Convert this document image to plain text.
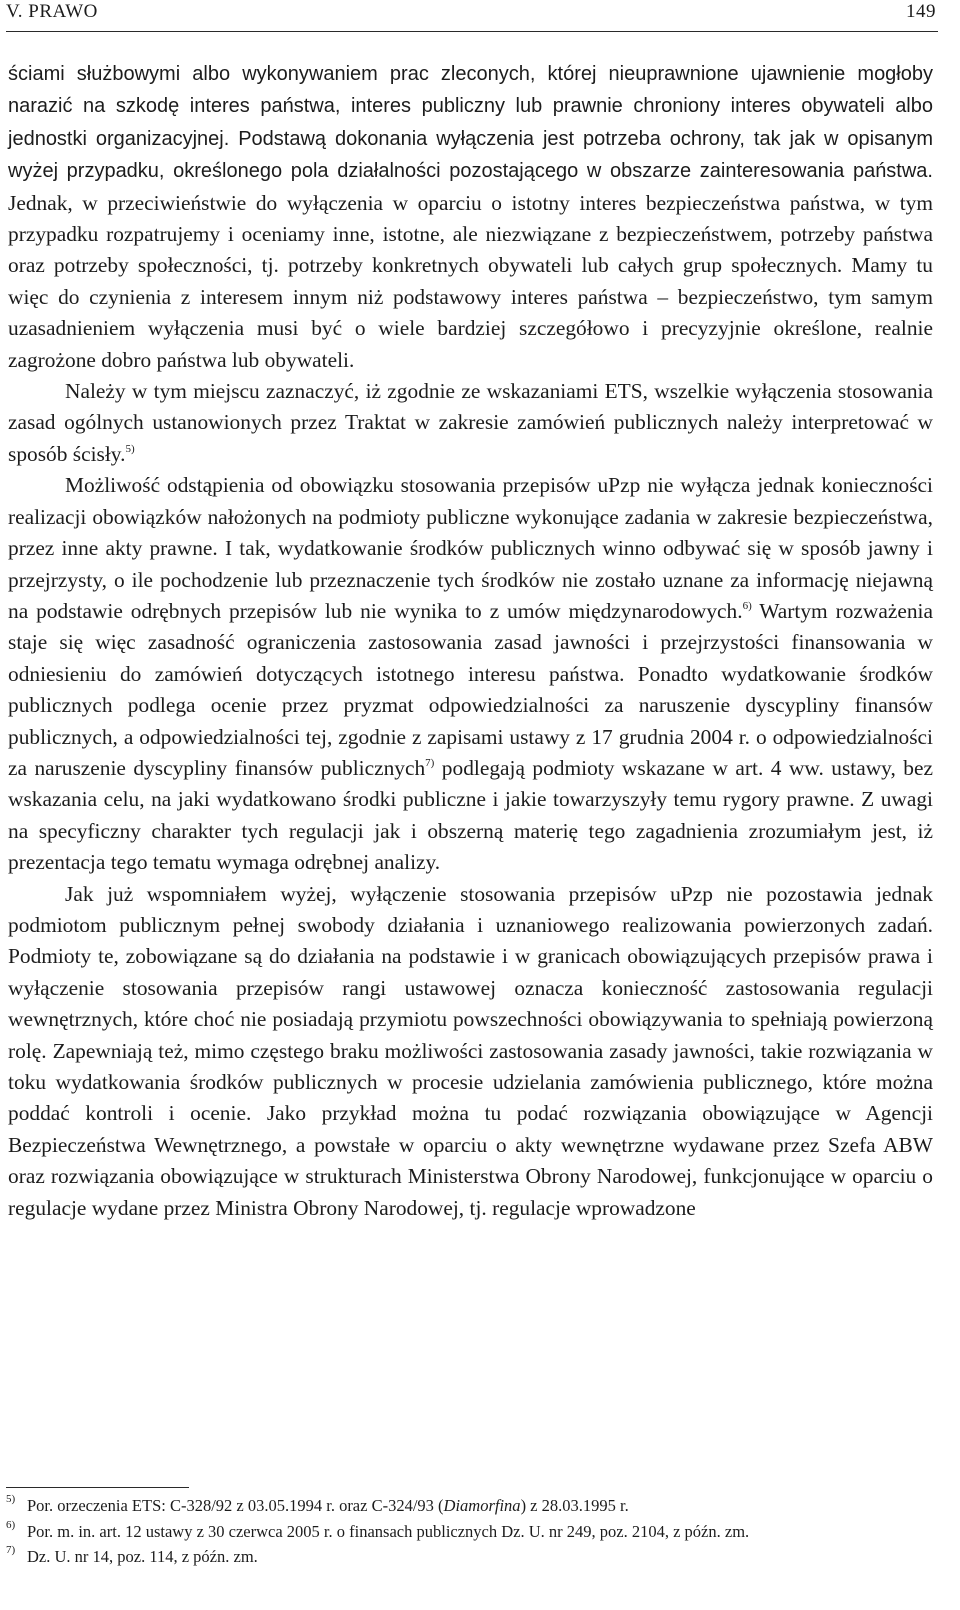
V. PRAWO	149

ściami służbowymi albo wykonywaniem prac zleconych, której nieuprawnione ujawnienie mogłoby narazić na szkodę interes państwa, interes publiczny lub prawnie chroniony interes obywateli albo jednostki organizacyjnej. Podstawą dokonania wyłączenia jest potrzeba ochrony, tak jak w opisanym wyżej przypadku, określonego pola działalności pozostającego w obszarze zainteresowania państwa. Jednak, w przeciwieństwie do wyłączenia w oparciu o istotny interes bezpieczeństwa państwa, w tym przypadku rozpatrujemy i oceniamy inne, istotne, ale niezwiązane z bezpieczeństwem, potrzeby państwa oraz potrzeby społeczności, tj. potrzeby konkretnych obywateli lub całych grup społecznych. Mamy tu więc do czynienia z interesem innym niż podstawowy interes państwa – bezpieczeństwo, tym samym uzasadnieniem wyłączenia musi być o wiele bardziej szczegółowo i precyzyjnie określone, realnie zagrożone dobro państwa lub obywateli.

Należy w tym miejscu zaznaczyć, iż zgodnie ze wskazaniami ETS, wszelkie wyłączenia stosowania zasad ogólnych ustanowionych przez Traktat w zakresie zamówień publicznych należy interpretować w sposób ścisły.$^{5)}$

Możliwość odstąpienia od obowiązku stosowania przepisów uPzp nie wyłącza jednak konieczności realizacji obowiązków nałożonych na podmioty publiczne wykonujące zadania w zakresie bezpieczeństwa, przez inne akty prawne. I tak, wydatkowanie środków publicznych winno odbywać się w sposób jawny i przejrzysty, o ile pochodzenie lub przeznaczenie tych środków nie zostało uznane za informację niejawną na podstawie odrębnych przepisów lub nie wynika to z umów międzynarodowych.$^{6)}$ Wartym rozważenia staje się więc zasadność ograniczenia zastosowania zasad jawności i przejrzystości finansowania w odniesieniu do zamówień dotyczących istotnego interesu państwa. Ponadto wydatkowanie środków publicznych podlega ocenie przez pryzmat odpowiedzialności za naruszenie dyscypliny finansów publicznych, a odpowiedzialności tej, zgodnie z zapisami ustawy z 17 grudnia 2004 r. o odpowiedzialności za naruszenie dyscypliny finansów publicznych$^{7)}$ podlegają podmioty wskazane w art. 4 ww. ustawy, bez wskazania celu, na jaki wydatkowano środki publiczne i jakie towarzyszyły temu rygory prawne. Z uwagi na specyficzny charakter tych regulacji jak i obszerną materię tego zagadnienia zrozumiałym jest, iż prezentacja tego tematu wymaga odrębnej analizy.

Jak już wspomniałem wyżej, wyłączenie stosowania przepisów uPzp nie pozostawia jednak podmiotom publicznym pełnej swobody działania i uznaniowego realizowania powierzonych zadań. Podmioty te, zobowiązane są do działania na podstawie i w granicach obowiązujących przepisów prawa i wyłączenie stosowania przepisów rangi ustawowej oznacza konieczność zastosowania regulacji wewnętrznych, które choć nie posiadają przymiotu powszechności obowiązywania to spełniają powierzoną rolę. Zapewniają też, mimo częstego braku możliwości zastosowania zasady jawności, takie rozwiązania w toku wydatkowania środków publicznych w procesie udzielania zamówienia publicznego, które można poddać kontroli i ocenie. Jako przykład można tu podać rozwiązania obowiązujące w Agencji Bezpieczeństwa Wewnętrznego, a powstałe w oparciu o akty wewnętrzne wydawane przez Szefa ABW oraz rozwiązania obowiązujące w strukturach Ministerstwa Obrony Narodowej, funkcjonujące w oparciu o regulacje wydane przez Ministra Obrony Narodowej, tj. regulacje wprowadzone

5) Por. orzeczenia ETS: C-328/92 z 03.05.1994 r. oraz C-324/93 (Diamorfina) z 28.03.1995 r.
6) Por. m. in. art. 12 ustawy z 30 czerwca 2005 r. o finansach publicznych Dz. U. nr 249, poz. 2104, z późn. zm.
7) Dz. U. nr 14, poz. 114, z późn. zm.
